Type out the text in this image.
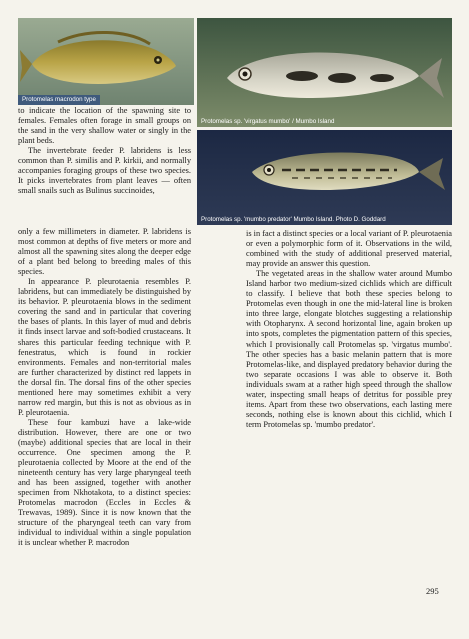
Protomelas macrodon type
Protomelas sp. 'virgatus mumbo' / Mumbo Island
Protomelas sp. 'mumbo predator' Mumbo Island. Photo D. Goddard

to indicate the location of the spawning site to females. Females often forage in small groups on the sand in the very shallow water or singly in the plant beds.

The invertebrate feeder P. labridens is less common than P. similis and P. kirkii, and normally accompanies foraging groups of these two species. It picks invertebrates from plant leaves — often small snails such as Bulinus succinoides,

only a few millimeters in diameter. P. labridens is most common at depths of five meters or more and almost all the spawning sites along the deeper edge of a plant bed belong to breeding males of this species.

In appearance P. pleurotaenia resembles P. labridens, but can immediately be distinguished by its behavior. P. pleurotaenia blows in the sediment covering the sand and in particular that covering the bases of plants. In this layer of mud and debris it finds insect larvae and soft-bodied crustaceans. It shares this particular feeding technique with P. fenestratus, which is found in rockier environments. Females and non-territorial males are further characterized by distinct red lappets in the dorsal fin. The dorsal fins of the other species mentioned here may sometimes exhibit a very narrow red margin, but this is not as obvious as in P. pleurotaenia.

These four kambuzi have a lake-wide distribution. However, there are one or two (maybe) additional species that are local in their occurrence. One specimen among the P. pleurotaenia collected by Moore at the end of the nineteenth century has very large pharyngeal teeth and has been assigned, together with another specimen from Nkhotakota, to a distinct species: Protomelas macrodon (Eccles in Eccles & Trewavas, 1989). Since it is now known that the structure of the pharyngeal teeth can vary from individual to individual within a single population it is unclear whether P. macrodon

is in fact a distinct species or a local variant of P. pleurotaenia or even a polymorphic form of it. Observations in the wild, combined with the study of additional preserved material, may provide an answer this question.

The vegetated areas in the shallow water around Mumbo Island harbor two medium-sized cichlids which are difficult to classify. I believe that both these species belong to Protomelas even though in one the mid-lateral line is broken into three large, elongate blotches suggesting a relationship with Otopharynx. A second horizontal line, again broken up into spots, completes the pigmentation pattern of this species, which I provisionally call Protomelas sp. 'virgatus mumbo'. The other species has a basic melanin pattern that is more Protomelas-like, and displayed predatory behavior during the two separate occasions I was able to observe it. Both individuals swam at a rather high speed through the shallow water, inspecting small heaps of detritus for possible prey items. Apart from these two observations, each lasting mere seconds, nothing else is known about this cichlid, which I term Protomelas sp. 'mumbo predator'.

295
